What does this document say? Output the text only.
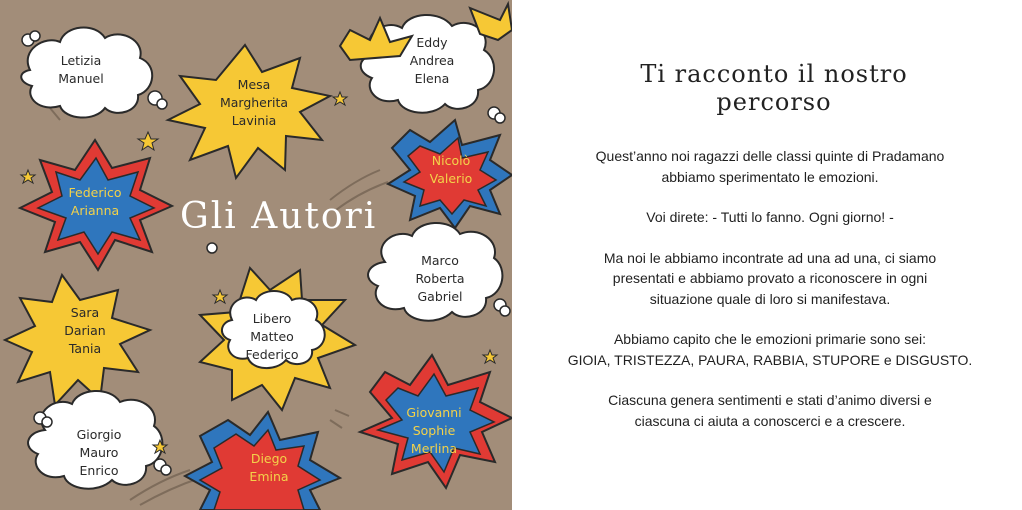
Letizia
Manuel	Mesa
Margherita
Lavinia
Eddy
Andrea
Elena
Nicolò
Valerio
Federico
Arianna
Marco
Roberta
Gabriel
Sara
Darian
Tania
Libero
Matteo
Federico
Giovanni
Sophie
Merlina
Giorgio
Mauro
Enrico
Diego
Emina
Gli Autori
Ti racconto il nostro percorso

Quest’anno noi ragazzi delle classi quinte di Pradamano
abbiamo sperimentato le emozioni.

Voi direte: - Tutti lo fanno. Ogni giorno! -

Ma noi le abbiamo incontrate ad una ad una, ci siamo
presentati e abbiamo provato a riconoscere in ogni
situazione quale di loro si manifestava.

Abbiamo capito che le emozioni primarie sono sei:
GIOIA, TRISTEZZA, PAURA, RABBIA, STUPORE e DISGUSTO.

Ciascuna genera sentimenti e stati d’animo diversi e
ciascuna ci aiuta a conoscerci e a crescere.
